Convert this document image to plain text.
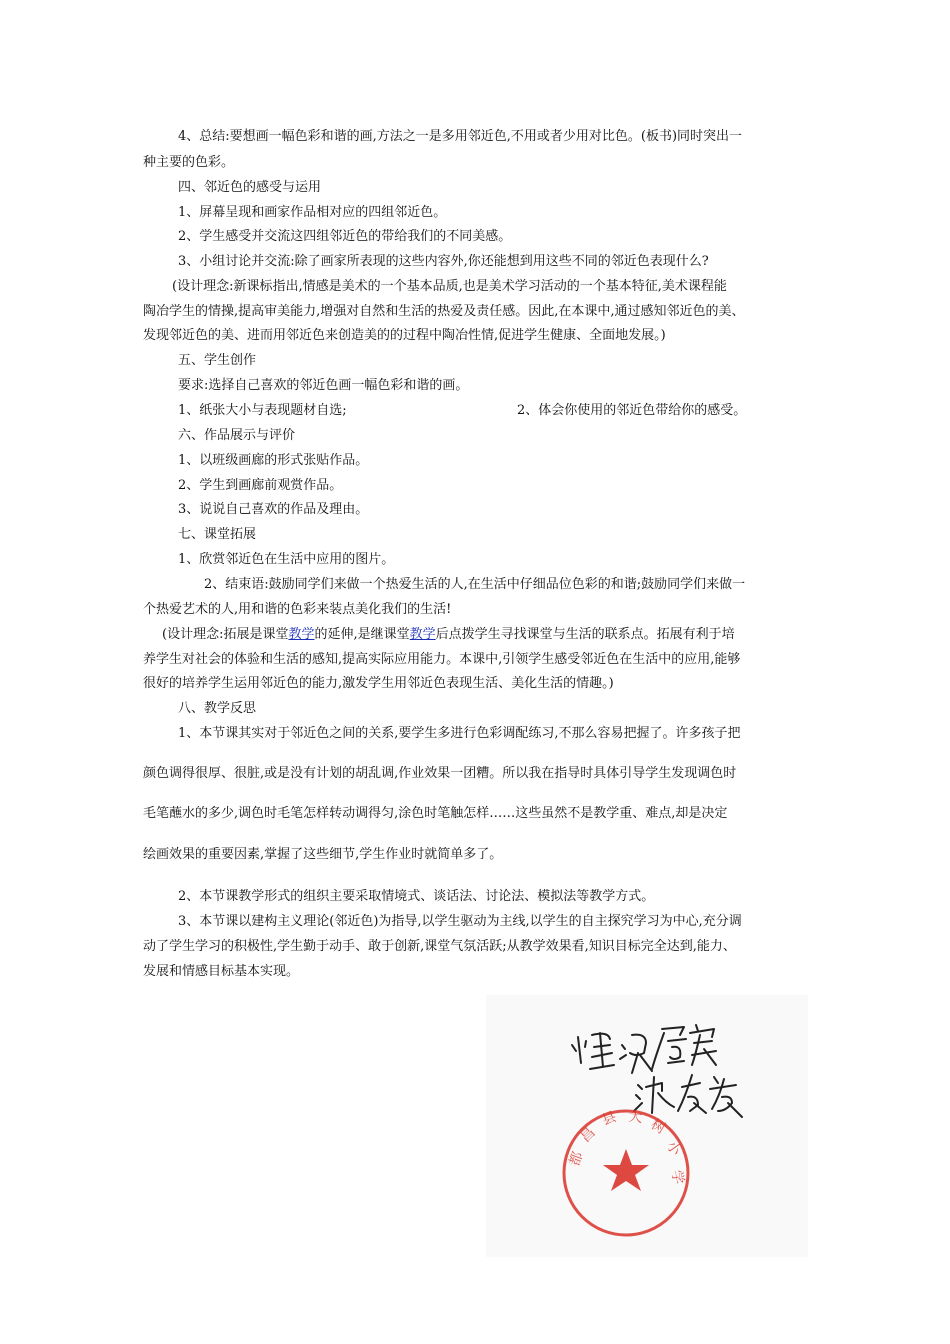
4、总结:要想画一幅色彩和谐的画,方法之一是多用邻近色,不用或者少用对比色。(板书)同时突出一
种主要的色彩。
四、邻近色的感受与运用
1、屏幕呈现和画家作品相对应的四组邻近色。
2、学生感受并交流这四组邻近色的带给我们的不同美感。
3、小组讨论并交流:除了画家所表现的这些内容外,你还能想到用这些不同的邻近色表现什么?
(设计理念:新课标指出,情感是美术的一个基本品质,也是美术学习活动的一个基本特征,美术课程能
陶冶学生的情操,提高审美能力,增强对自然和生活的热爱及责任感。因此,在本课中,通过感知邻近色的美、
发现邻近色的美、进而用邻近色来创造美的的过程中陶冶性情,促进学生健康、全面地发展。)
五、学生创作
要求:选择自己喜欢的邻近色画一幅色彩和谐的画。
1、纸张大小与表现题材自选;	2、体会你使用的邻近色带给你的感受。
六、作品展示与评价
1、以班级画廊的形式张贴作品。
2、学生到画廊前观赏作品。
3、说说自己喜欢的作品及理由。
七、课堂拓展
1、欣赏邻近色在生活中应用的图片。
2、结束语:鼓励同学们来做一个热爱生活的人,在生活中仔细品位色彩的和谐;鼓励同学们来做一
个热爱艺术的人,用和谐的色彩来装点美化我们的生活!
(设计理念:拓展是课堂教学的延伸,是继课堂教学后点拨学生寻找课堂与生活的联系点。拓展有利于培
养学生对社会的体验和生活的感知,提高实际应用能力。本课中,引领学生感受邻近色在生活中的应用,能够
很好的培养学生运用邻近色的能力,激发学生用邻近色表现生活、美化生活的情趣。)
八、教学反思
1、本节课其实对于邻近色之间的关系,要学生多进行色彩调配练习,不那么容易把握了。许多孩子把
颜色调得很厚、很脏,或是没有计划的胡乱调,作业效果一团糟。所以我在指导时具体引导学生发现调色时
毛笔蘸水的多少,调色时毛笔怎样转动调得匀,涂色时笔触怎样……这些虽然不是教学重、难点,却是决定
绘画效果的重要因素,掌握了这些细节,学生作业时就简单多了。
2、本节课教学形式的组织主要采取情境式、谈话法、讨论法、模拟法等教学方式。
3、本节课以建构主义理论(邻近色)为指导,以学生驱动为主线,以学生的自主探究学习为中心,充分调
动了学生学习的积极性,学生勤于动手、敢于创新,课堂气氛活跃;从教学效果看,知识目标完全达到,能力、
发展和情感目标基本实现。
都
昌
县 大 树
小
学
